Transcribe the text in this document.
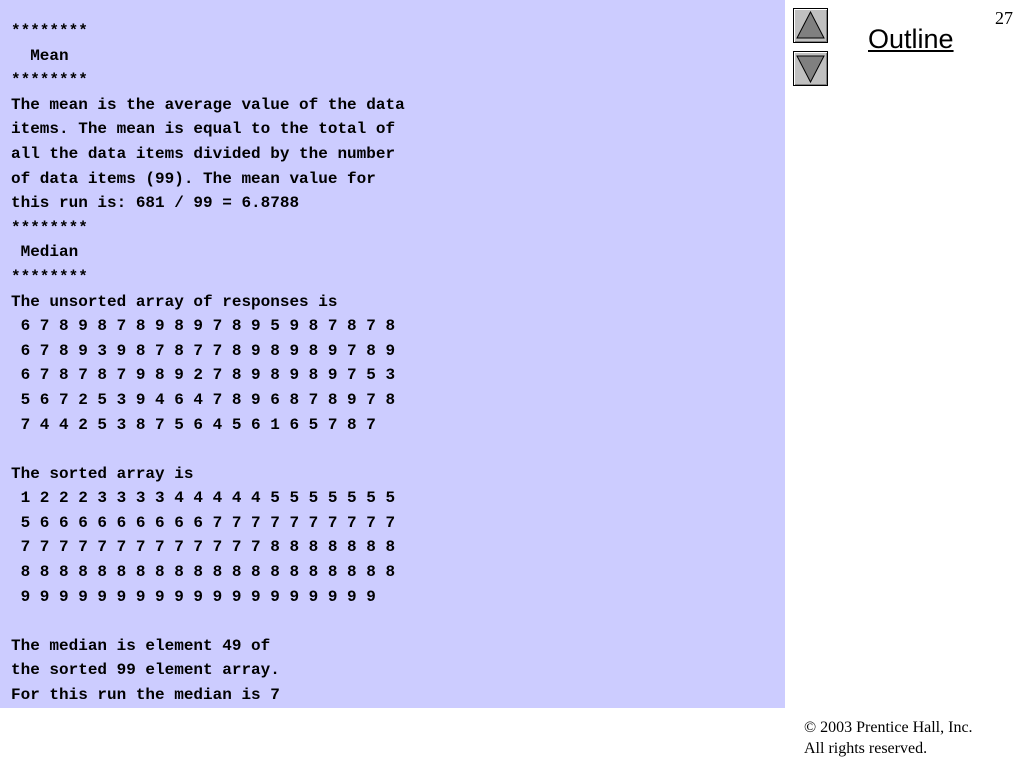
********
Mean
********
The mean is the average value of the data
items. The mean is equal to the total of
all the data items divided by the number
of data items (99). The mean value for
this run is: 681 / 99 = 6.8788
********
Median
********
The unsorted array of responses is
6 7 8 9 8 7 8 9 8 9 7 8 9 5 9 8 7 8 7 8
6 7 8 9 3 9 8 7 8 7 7 8 9 8 9 8 9 7 8 9
6 7 8 7 8 7 9 8 9 2 7 8 9 8 9 8 9 7 5 3
5 6 7 2 5 3 9 4 6 4 7 8 9 6 8 7 8 9 7 8
7 4 4 2 5 3 8 7 5 6 4 5 6 1 6 5 7 8 7
The sorted array is
1 2 2 2 3 3 3 3 4 4 4 4 4 5 5 5 5 5 5 5
5 6 6 6 6 6 6 6 6 6 7 7 7 7 7 7 7 7 7 7
7 7 7 7 7 7 7 7 7 7 7 7 7 8 8 8 8 8 8 8
8 8 8 8 8 8 8 8 8 8 8 8 8 8 8 8 8 8 8 8
9 9 9 9 9 9 9 9 9 9 9 9 9 9 9 9 9 9 9
The median is element 49 of
the sorted 99 element array.
For this run the median is 7
27
Outline
© 2003 Prentice Hall, Inc.
All rights reserved.
